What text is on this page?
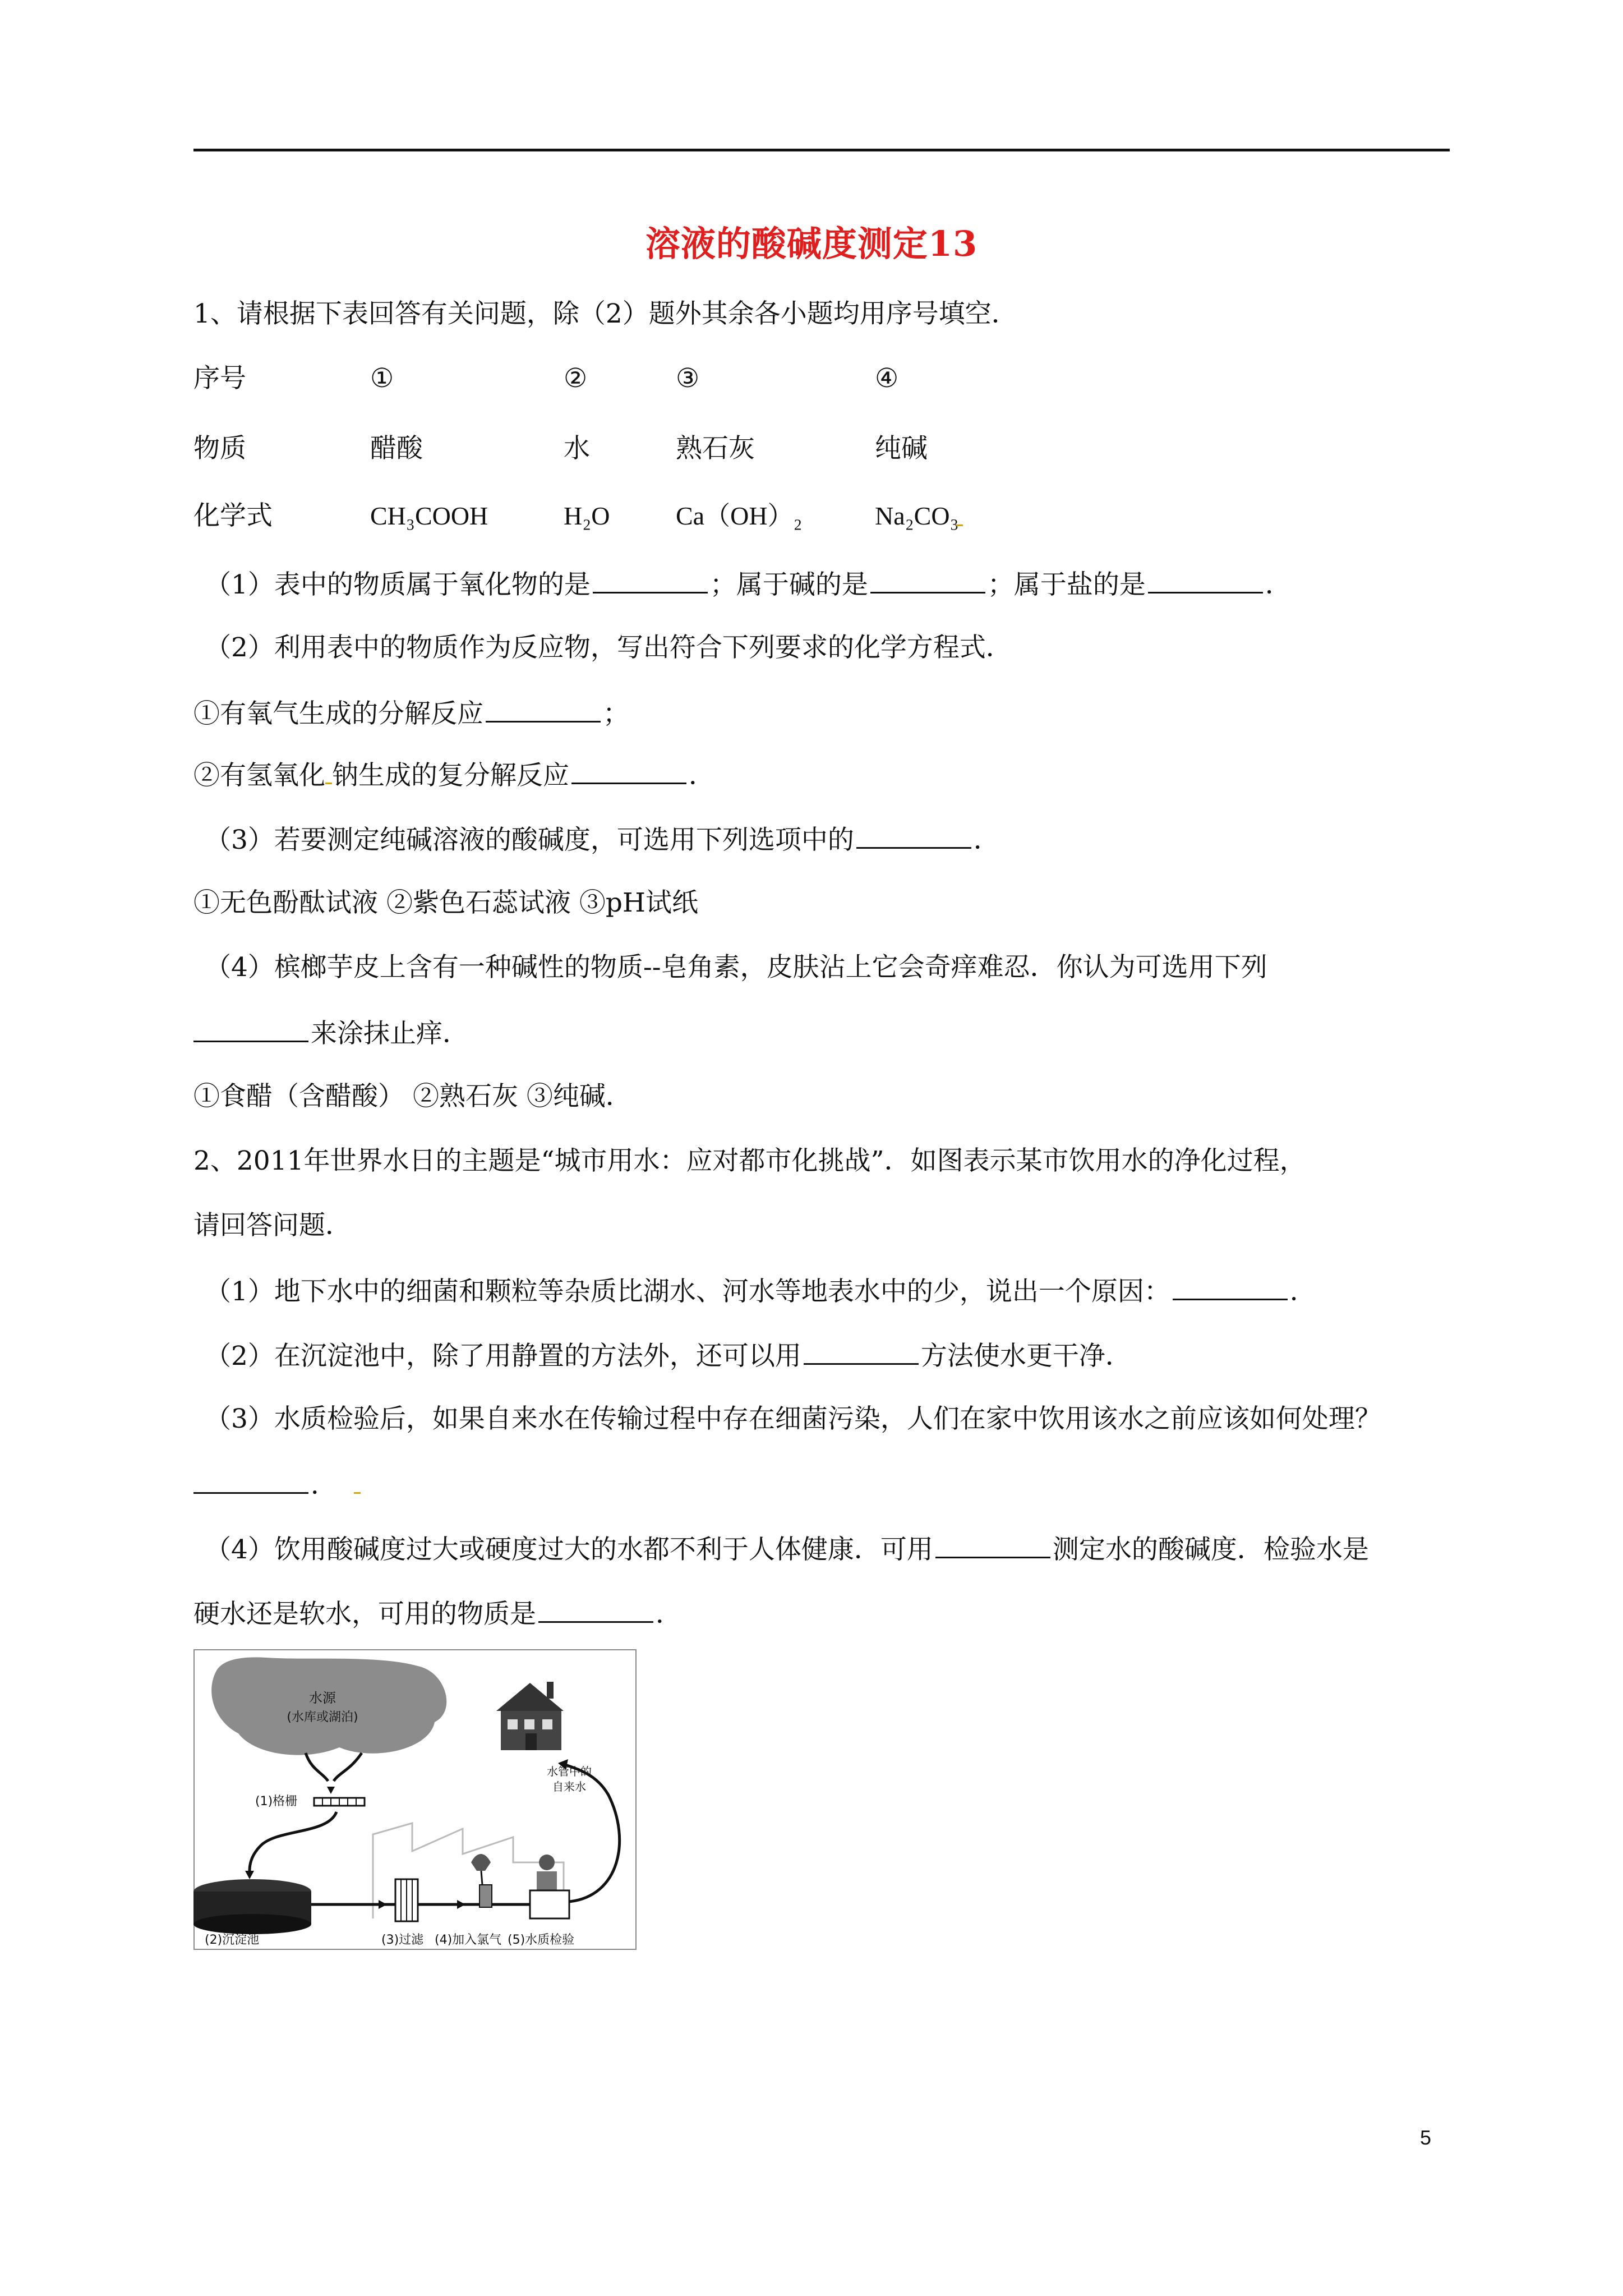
溶液的酸碱度测定13
1、请根据下表回答有关问题，除（2）题外其余各小题均用序号填空．
序号	①	②	③	④
物质	醋酸	水	熟石灰	纯碱
化学式	CH₃COOH	H₂O	Ca（OH）₂	Na₂CO₃
（1）表中的物质属于氧化物的是	；属于碱的是	；属于盐的是	．
（2）利用表中的物质作为反应物，写出符合下列要求的化学方程式．
①有氧气生成的分解反应	；
②有氢氧化 钠生成的复分解反应	．
（3）若要测定纯碱溶液的酸碱度，可选用下列选项中的	．
①无色酚酞试液 ②紫色石蕊试液 ③pH试纸
（4）槟榔芋皮上含有一种碱性的物质--皂角素，皮肤沾上它会奇痒难忍．你认为可选用下列
来涂抹止痒．
①食醋（含醋酸） ②熟石灰 ③纯碱．
2、2011年世界水日的主题是“城市用水：应对都市化挑战”．如图表示某市饮用水的净化过程，
请回答问题．
（1）地下水中的细菌和颗粒等杂质比湖水、河水等地表水中的少，说出一个原因：	．
（2）在沉淀池中，除了用静置的方法外，还可以用	方法使水更干净．
（3）水质检验后，如果自来水在传输过程中存在细菌污染，人们在家中饮用该水之前应该如何处理？
．
（4）饮用酸碱度过大或硬度过大的水都不利于人体健康．可用	测定水的酸碱度．检验水是
硬水还是软水，可用的物质是	．
水源
(水库或湖泊)
(1)格栅
(2)沉淀池	(3)过滤 (4)加入氯气 (5)水质检验
水管中的
自来水
5
